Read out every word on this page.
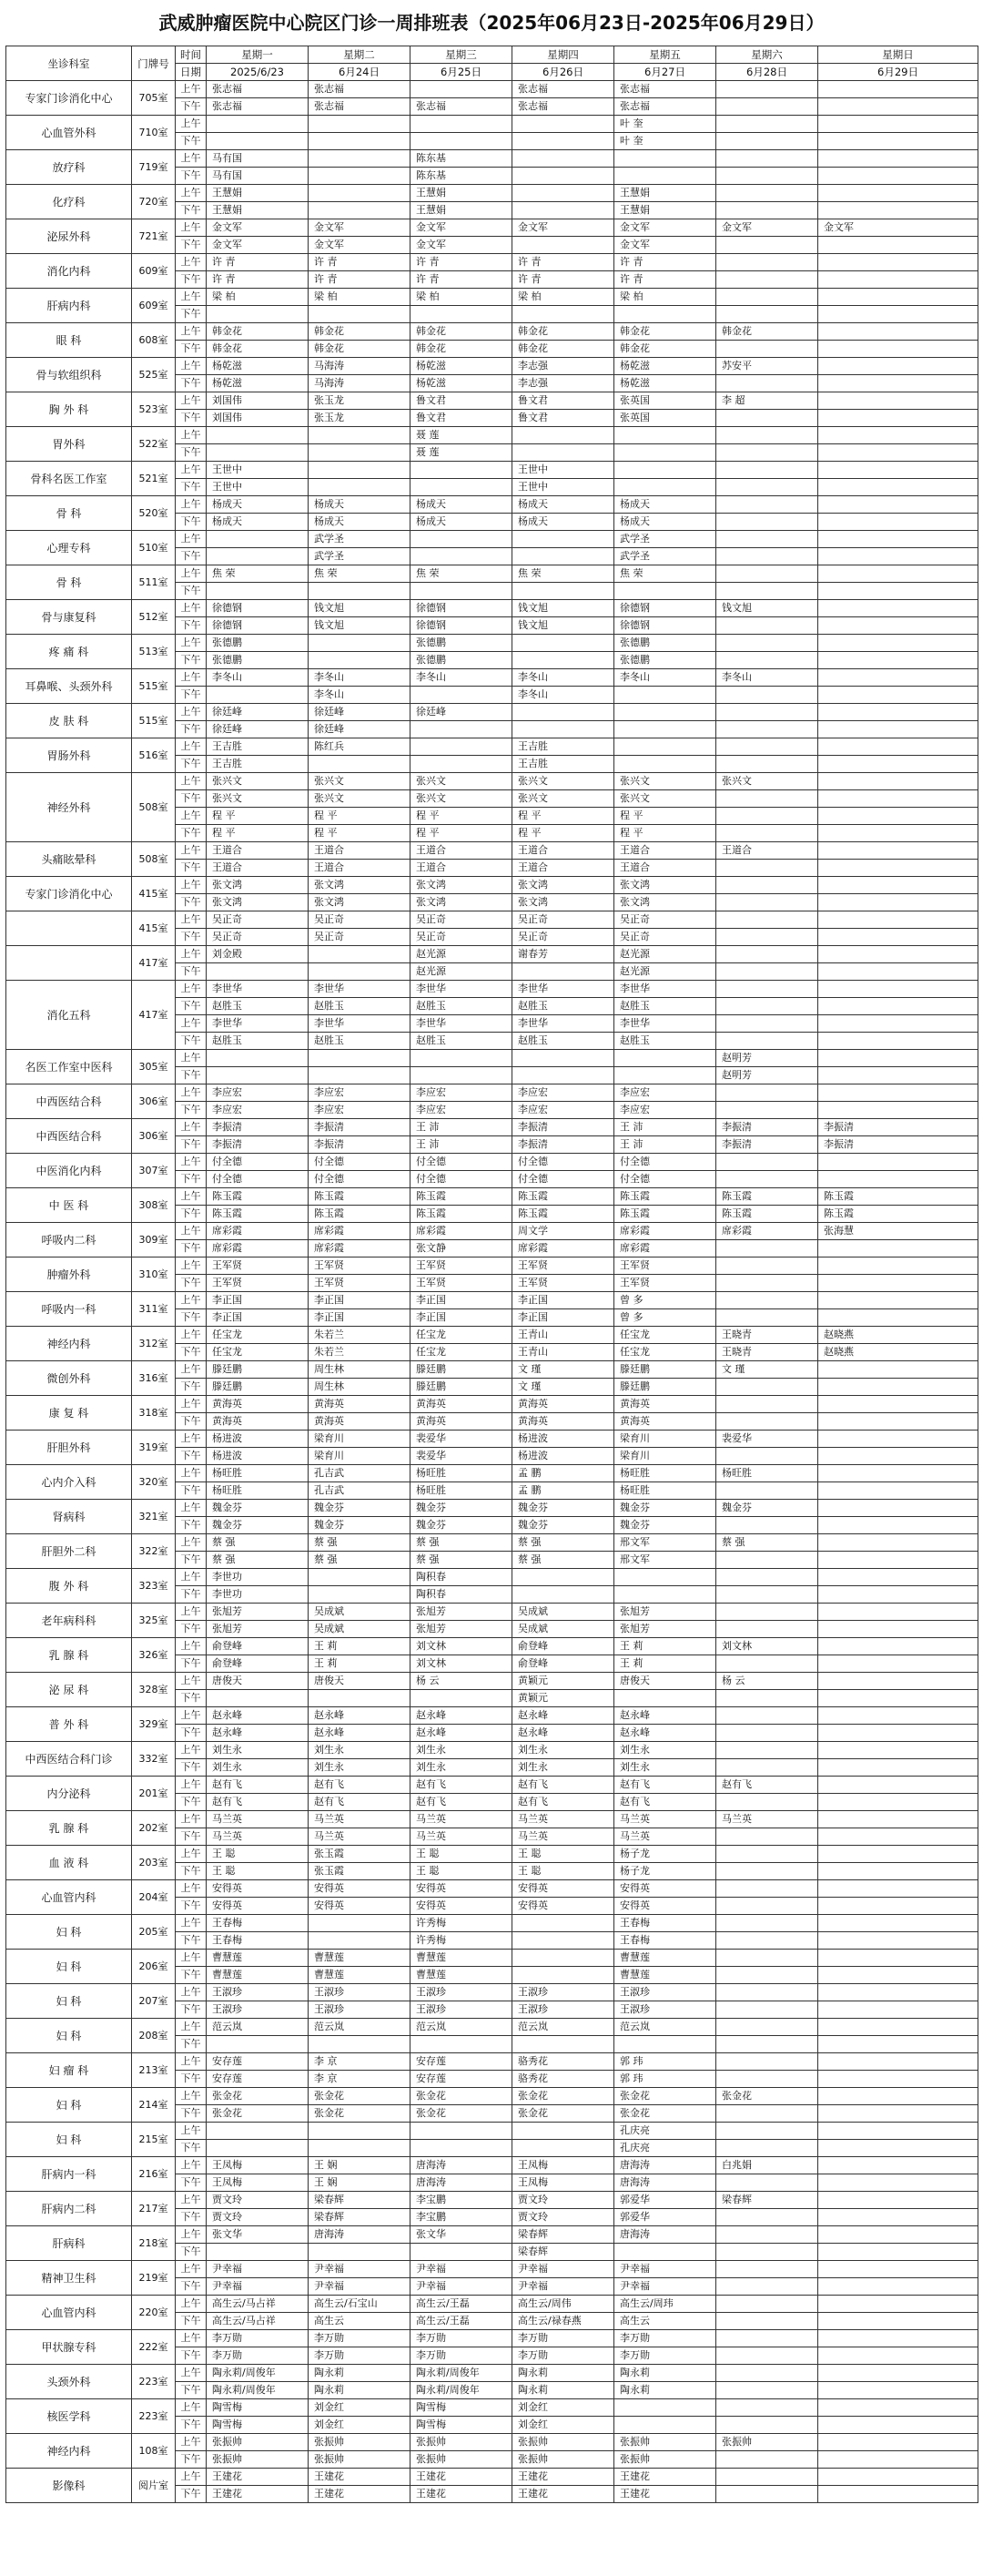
武威肿瘤医院中心院区门诊一周排班表（2025年06月23日-2025年06月29日）
坐诊科室	门牌号	时间	星期一	星期二	星期三	星期四	星期五	星期六	星期日
		日期	2025/6/23	6月24日	6月25日	6月26日	6月27日	6月28日	6月29日
专家门诊消化中心	705室	上午	张志福	张志福		张志福	张志福		
		下午	张志福	张志福	张志福	张志福	张志福		
心血管外科	710室	上午					叶 奎		
		下午					叶 奎		
放疗科	719室	上午	马有国		陈东基				
		下午	马有国		陈东基				
化疗科	720室	上午	王慧娟		王慧娟		王慧娟		
		下午	王慧娟		王慧娟		王慧娟		
泌尿外科	721室	上午	金文军	金文军	金文军	金文军	金文军	金文军	金文军
		下午	金文军	金文军	金文军		金文军		
消化内科	609室	上午	许 青	许 青	许 青	许 青	许 青		
		下午	许 青	许 青	许 青	许 青	许 青		
肝病内科	609室	上午	梁 柏	梁 柏	梁 柏	梁 柏	梁 柏		
		下午							
眼 科	608室	上午	韩金花	韩金花	韩金花	韩金花	韩金花	韩金花	
		下午	韩金花	韩金花	韩金花	韩金花	韩金花		
骨与软组织科	525室	上午	杨乾滋	马海涛	杨乾滋	李志强	杨乾滋	苏安平	
		下午	杨乾滋	马海涛	杨乾滋	李志强	杨乾滋		
胸 外 科	523室	上午	刘国伟	张玉龙	鲁文君	鲁文君	张英国	李 超	
		下午	刘国伟	张玉龙	鲁文君	鲁文君	张英国		
胃外科	522室	上午			聂 莲				
		下午			聂 莲				
骨科名医工作室	521室	上午	王世中			王世中			
		下午	王世中			王世中			
骨 科	520室	上午	杨成天	杨成天	杨成天	杨成天	杨成天		
		下午	杨成天	杨成天	杨成天	杨成天	杨成天		
心理专科	510室	上午		武学圣			武学圣		
		下午		武学圣			武学圣		
骨 科	511室	上午	焦 荣	焦 荣	焦 荣	焦 荣	焦 荣		
		下午							
骨与康复科	512室	上午	徐德钢	钱文旭	徐德钢	钱文旭	徐德钢	钱文旭	
		下午	徐德钢	钱文旭	徐德钢	钱文旭	徐德钢		
疼 痛 科	513室	上午	张德鹏		张德鹏		张德鹏		
		下午	张德鹏		张德鹏		张德鹏		
耳鼻喉、头颈外科	515室	上午	李冬山	李冬山	李冬山	李冬山	李冬山	李冬山	
		下午		李冬山		李冬山			
皮 肤 科	515室	上午	徐廷峰	徐廷峰	徐廷峰				
		下午	徐廷峰	徐廷峰					
胃肠外科	516室	上午	王吉胜	陈红兵		王吉胜			
		下午	王吉胜			王吉胜			
神经外科	508室	上午	张兴文	张兴文	张兴文	张兴文	张兴文	张兴文	
		下午	张兴文	张兴文	张兴文	张兴文	张兴文		
		上午	程 平	程 平	程 平	程 平	程 平		
		下午	程 平	程 平	程 平	程 平	程 平		
头痛眩晕科	508室	上午	王道合	王道合	王道合	王道合	王道合	王道合	
		下午	王道合	王道合	王道合	王道合	王道合		
专家门诊消化中心	415室	上午	张文鸿	张文鸿	张文鸿	张文鸿	张文鸿		
		下午	张文鸿	张文鸿	张文鸿	张文鸿	张文鸿		
	415室	上午	吴正奇	吴正奇	吴正奇	吴正奇	吴正奇		
		下午	吴正奇	吴正奇	吴正奇	吴正奇	吴正奇		
	417室	上午	刘金殿		赵光源	谢春芳	赵光源		
		下午			赵光源		赵光源		
消化五科	417室	上午	李世华	李世华	李世华	李世华	李世华		
		下午	赵胜玉	赵胜玉	赵胜玉	赵胜玉	赵胜玉		
		上午	李世华	李世华	李世华	李世华	李世华		
		下午	赵胜玉	赵胜玉	赵胜玉	赵胜玉	赵胜玉		
名医工作室中医科	305室	上午						赵明芳	
		下午						赵明芳	
中西医结合科	306室	上午	李应宏	李应宏	李应宏	李应宏	李应宏		
		下午	李应宏	李应宏	李应宏	李应宏	李应宏		
中西医结合科	306室	上午	李振清	李振清	王 沛	李振清	王 沛	李振清	李振清
		下午	李振清	李振清	王 沛	李振清	王 沛	李振清	李振清
中医消化内科	307室	上午	付全德	付全德	付全德	付全德	付全德		
		下午	付全德	付全德	付全德	付全德	付全德		
中 医 科	308室	上午	陈玉霞	陈玉霞	陈玉霞	陈玉霞	陈玉霞	陈玉霞	陈玉霞
		下午	陈玉霞	陈玉霞	陈玉霞	陈玉霞	陈玉霞	陈玉霞	陈玉霞
呼吸内二科	309室	上午	席彩霞	席彩霞	席彩霞	周文学	席彩霞	席彩霞	张海慧
		下午	席彩霞	席彩霞	张文静	席彩霞	席彩霞		
肿瘤外科	310室	上午	王军贤	王军贤	王军贤	王军贤	王军贤		
		下午	王军贤	王军贤	王军贤	王军贤	王军贤		
呼吸内一科	311室	上午	李正国	李正国	李正国	李正国	曾 多		
		下午	李正国	李正国	李正国	李正国	曾 多		
神经内科	312室	上午	任宝龙	朱若兰	任宝龙	王青山	任宝龙	王晓青	赵晓燕
		下午	任宝龙	朱若兰	任宝龙	王青山	任宝龙	王晓青	赵晓燕
微创外科	316室	上午	滕廷鹏	周生林	滕廷鹏	文 瑾	滕廷鹏	文 瑾	
		下午	滕廷鹏	周生林	滕廷鹏	文 瑾	滕廷鹏		
康 复 科	318室	上午	黄海英	黄海英	黄海英	黄海英	黄海英		
		下午	黄海英	黄海英	黄海英	黄海英	黄海英		
肝胆外科	319室	上午	杨进波	梁育川	裴爱华	杨进波	梁育川	裴爱华	
		下午	杨进波	梁育川	裴爱华	杨进波	梁育川		
心内介入科	320室	上午	杨旺胜	孔吉武	杨旺胜	孟 鹏	杨旺胜	杨旺胜	
		下午	杨旺胜	孔吉武	杨旺胜	孟 鹏	杨旺胜		
肾病科	321室	上午	魏金芬	魏金芬	魏金芬	魏金芬	魏金芬	魏金芬	
		下午	魏金芬	魏金芬	魏金芬	魏金芬	魏金芬		
肝胆外二科	322室	上午	蔡 强	蔡 强	蔡 强	蔡 强	邢文军	蔡 强	
		下午	蔡 强	蔡 强	蔡 强	蔡 强	邢文军		
腹 外 科	323室	上午	李世功		陶积春				
		下午	李世功		陶积春				
老年病科科	325室	上午	张旭芳	吴成斌	张旭芳	吴成斌	张旭芳		
		下午	张旭芳	吴成斌	张旭芳	吴成斌	张旭芳		
乳 腺 科	326室	上午	俞登峰	王 莉	刘文林	俞登峰	王 莉	刘文林	
		下午	俞登峰	王 莉	刘文林	俞登峰	王 莉		
泌 尿 科	328室	上午	唐俊天	唐俊天	杨 云	黄颖元	唐俊天	杨 云	
		下午				黄颖元			
普 外 科	329室	上午	赵永峰	赵永峰	赵永峰	赵永峰	赵永峰		
		下午	赵永峰	赵永峰	赵永峰	赵永峰	赵永峰		
中西医结合科门诊	332室	上午	刘生永	刘生永	刘生永	刘生永	刘生永		
		下午	刘生永	刘生永	刘生永	刘生永	刘生永		
内分泌科	201室	上午	赵有飞	赵有飞	赵有飞	赵有飞	赵有飞	赵有飞	
		下午	赵有飞	赵有飞	赵有飞	赵有飞	赵有飞		
乳 腺 科	202室	上午	马兰英	马兰英	马兰英	马兰英	马兰英	马兰英	
		下午	马兰英	马兰英	马兰英	马兰英	马兰英		
血 液 科	203室	上午	王 聪	张玉霞	王 聪	王 聪	杨子龙		
		下午	王 聪	张玉霞	王 聪	王 聪	杨子龙		
心血管内科	204室	上午	安得英	安得英	安得英	安得英	安得英		
		下午	安得英	安得英	安得英	安得英	安得英		
妇 科	205室	上午	王春梅		许秀梅		王春梅		
		下午	王春梅		许秀梅		王春梅		
妇 科	206室	上午	曹慧莲	曹慧莲	曹慧莲		曹慧莲		
		下午	曹慧莲	曹慧莲	曹慧莲		曹慧莲		
妇 科	207室	上午	王淑珍	王淑珍	王淑珍	王淑珍	王淑珍		
		下午	王淑珍	王淑珍	王淑珍	王淑珍	王淑珍		
妇 科	208室	上午	范云岚	范云岚	范云岚	范云岚	范云岚		
		下午							
妇 瘤 科	213室	上午	安存莲	李 京	安存莲	骆秀花	郭 玮		
		下午	安存莲	李 京	安存莲	骆秀花	郭 玮		
妇 科	214室	上午	张金花	张金花	张金花	张金花	张金花	张金花	
		下午	张金花	张金花	张金花	张金花	张金花		
妇 科	215室	上午					孔庆亮		
		下午					孔庆亮		
肝病内一科	216室	上午	王凤梅	王 娴	唐海涛	王凤梅	唐海涛	白兆娟	
		下午	王凤梅	王 娴	唐海涛	王凤梅	唐海涛		
肝病内二科	217室	上午	贾文玲	梁春辉	李宝鹏	贾文玲	郭爱华	梁春辉	
		下午	贾文玲	梁春辉	李宝鹏	贾文玲	郭爱华		
肝病科	218室	上午	张文华	唐海涛	张文华	梁春辉	唐海涛		
		下午				梁春辉			
精神卫生科	219室	上午	尹幸福	尹幸福	尹幸福	尹幸福	尹幸福		
		下午	尹幸福	尹幸福	尹幸福	尹幸福	尹幸福		
心血管内科	220室	上午	高生云/马占祥	高生云/石宝山	高生云/王磊	高生云/周伟	高生云/周玮		
		下午	高生云/马占祥	高生云	高生云/王磊	高生云/禄春燕	高生云		
甲状腺专科	222室	上午	李万勋	李万勋	李万勋	李万勋	李万勋		
		下午	李万勋	李万勋	李万勋	李万勋	李万勋		
头颈外科	223室	上午	陶永莉/周俊年	陶永莉	陶永莉/周俊年	陶永莉	陶永莉		
		下午	陶永莉/周俊年	陶永莉	陶永莉/周俊年	陶永莉	陶永莉		
核医学科	223室	上午	陶雪梅	刘金红	陶雪梅	刘金红			
		下午	陶雪梅	刘金红	陶雪梅	刘金红			
神经内科	108室	上午	张振帅	张振帅	张振帅	张振帅	张振帅	张振帅	
		下午	张振帅	张振帅	张振帅	张振帅	张振帅		
影像科	阅片室	上午	王建花	王建花	王建花	王建花	王建花		
		下午	王建花	王建花	王建花	王建花	王建花		
